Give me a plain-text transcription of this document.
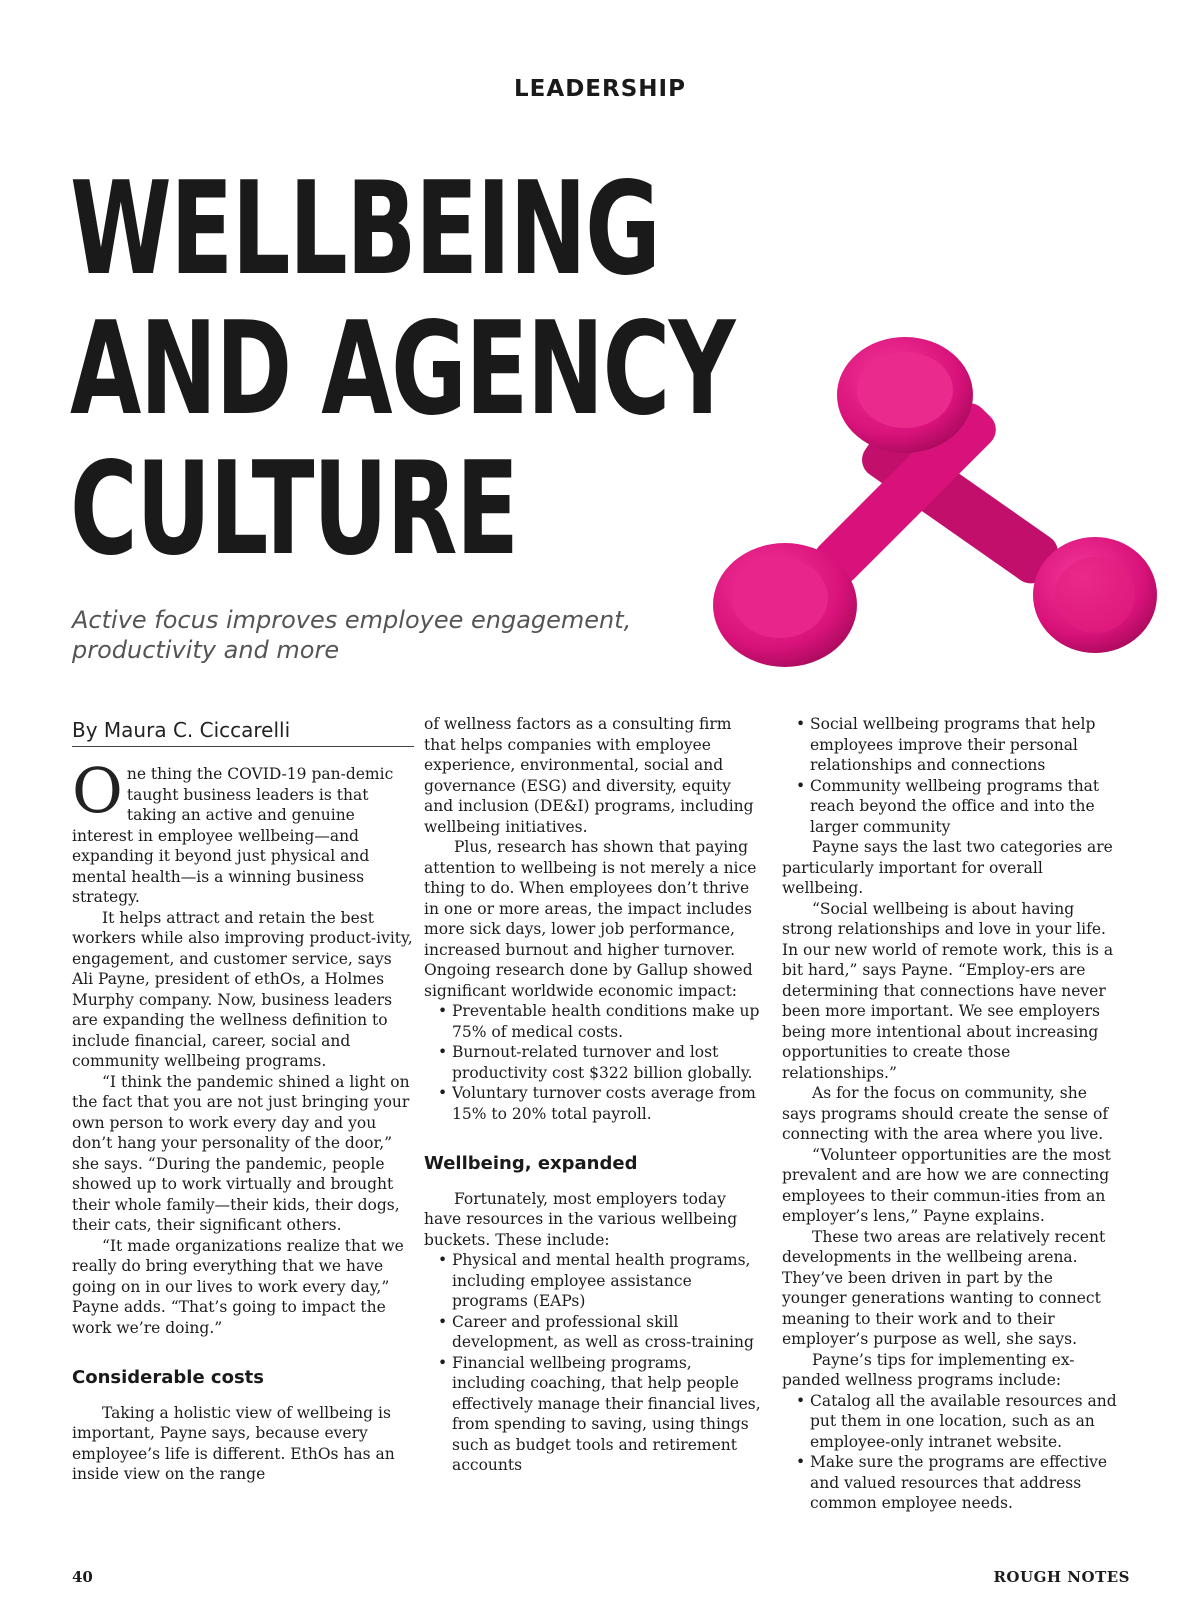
LEADERSHIP
WELLBEING
AND AGENCY
CULTURE
Active focus improves employee engagement,
productivity and more
By Maura C. Ciccarelli

One thing the COVID-19 pan-demic taught business leaders is that taking an active and genuine interest in employee wellbeing—and expanding it beyond just physical and mental health—is a winning business strategy.

It helps attract and retain the best workers while also improving product-ivity, engagement, and customer service, says Ali Payne, president of ethOs, a Holmes Murphy company. Now, business leaders are expanding the wellness definition to include financial, career, social and community wellbeing programs.

“I think the pandemic shined a light on the fact that you are not just bringing your own person to work every day and you don’t hang your personality of the door,” she says. “During the pandemic, people showed up to work virtually and brought their whole family—their kids, their dogs, their cats, their significant others.

“It made organizations realize that we really do bring everything that we have going on in our lives to work every day,” Payne adds. “That’s going to impact the work we’re doing.”

Considerable costs

Taking a holistic view of wellbeing is important, Payne says, because every employee’s life is different. EthOs has an inside view on the range

of wellness factors as a consulting firm that helps companies with employee experience, environmental, social and governance (ESG) and diversity, equity and inclusion (DE&I) programs, including wellbeing initiatives.

Plus, research has shown that paying attention to wellbeing is not merely a nice thing to do. When employees don’t thrive in one or more areas, the impact includes more sick days, lower job performance, increased burnout and higher turnover. Ongoing research done by Gallup showed significant worldwide economic impact:

• Preventable health conditions make up 75% of medical costs.
• Burnout-related turnover and lost productivity cost $322 billion globally.
• Voluntary turnover costs average from 15% to 20% total payroll.
Wellbeing, expanded

Fortunately, most employers today have resources in the various wellbeing buckets. These include:

• Physical and mental health programs, including employee assistance programs (EAPs)
• Career and professional skill development, as well as cross-training
• Financial wellbeing programs, including coaching, that help people effectively manage their financial lives, from spending to saving, using things such as budget tools and retirement accounts
• Social wellbeing programs that help employees improve their personal relationships and connections
• Community wellbeing programs that reach beyond the office and into the larger community

Payne says the last two categories are particularly important for overall wellbeing.

“Social wellbeing is about having strong relationships and love in your life. In our new world of remote work, this is a bit hard,” says Payne. “Employ-ers are determining that connections have never been more important. We see employers being more intentional about increasing opportunities to create those relationships.”

As for the focus on community, she says programs should create the sense of connecting with the area where you live.

“Volunteer opportunities are the most prevalent and are how we are connecting employees to their commun-ities from an employer’s lens,” Payne explains.

These two areas are relatively recent developments in the wellbeing arena. They’ve been driven in part by the younger generations wanting to connect meaning to their work and to their employer’s purpose as well, she says.

Payne’s tips for implementing ex-panded wellness programs include:

• Catalog all the available resources and put them in one location, such as an employee-only intranet website.
• Make sure the programs are effective and valued resources that address common employee needs.
40	ROUGH NOTES
